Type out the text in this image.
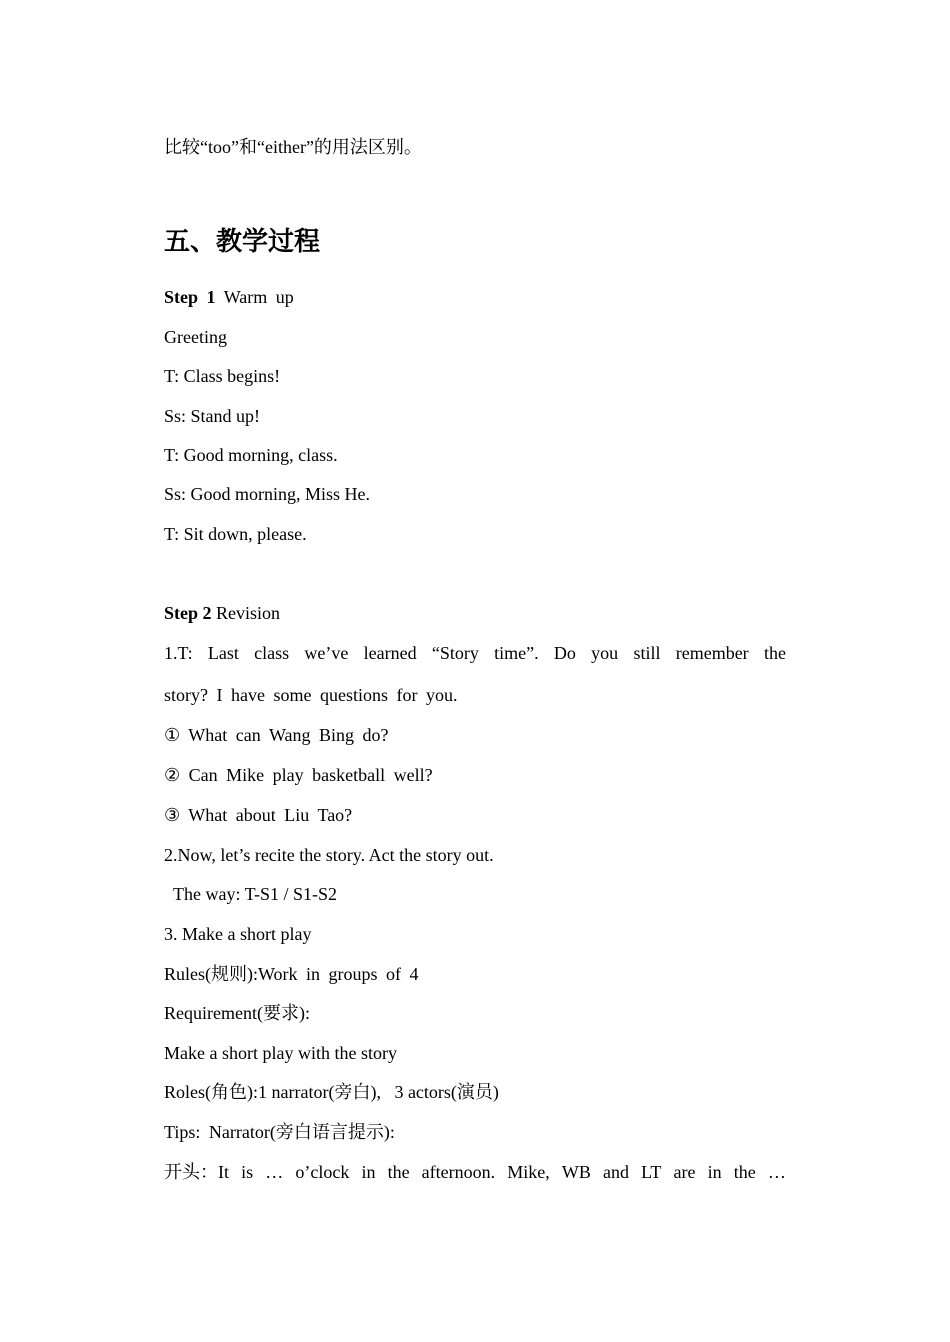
比较“too”和“either”的用法区别。
五、教学过程
Step 1 Warm up
Greeting
T: Class begins!
Ss: Stand up!
T: Good morning, class.
Ss: Good morning, Miss He.
T: Sit down, please.
Step 2 Revision
1.T: Last class we’ve learned “Story time”. Do you still remember the
story? I have some questions for you.
① What can Wang Bing do?
② Can Mike play basketball well?
③ What about Liu Tao?
2.Now, let’s recite the story. Act the story out.
The way: T-S1 / S1-S2
3. Make a short play
Rules(规则):Work in groups of 4
Requirement(要求):
Make a short play with the story
Roles(角色):1 narrator(旁白),   3 actors(演员)
Tips: Narrator(旁白语言提示):
开头：It is … o’clock in the afternoon. Mike, WB and LT are in the …
